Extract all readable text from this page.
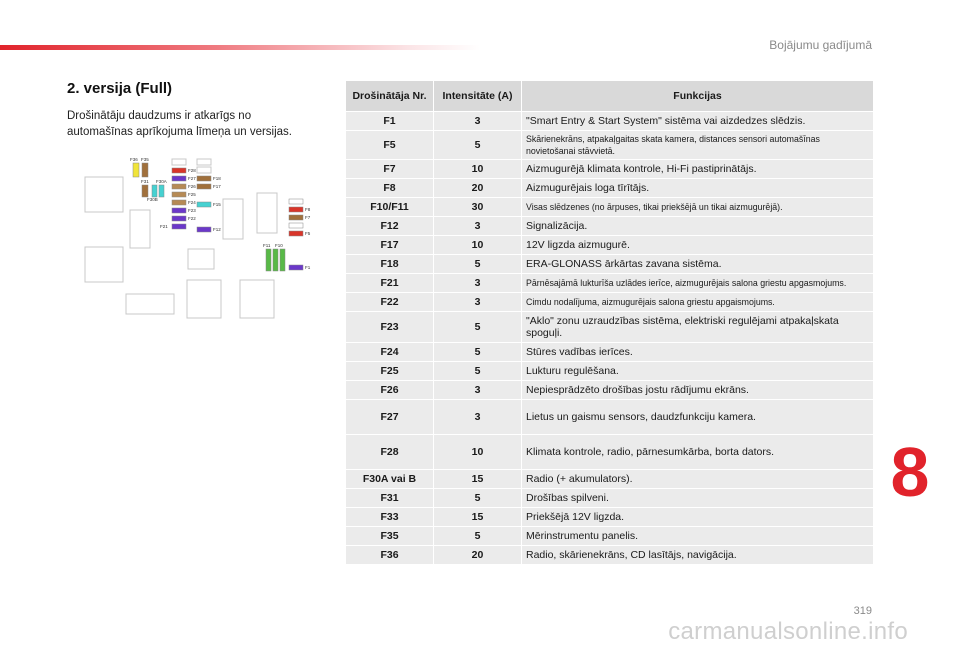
Bojājumu gadījumā
2. versija (Full)
Drošinātāju daudzums ir atkarīgs no automašīnas aprīkojuma līmeņa un versijas.
F36 F35
F31 F30A
F30B
F28
F27
F26
F25
F24
F23
F22
F21
F18
F17
F15
F12
F8
F7
F5
F1
F11 F10
Drošinātāja Nr.	Intensitāte (A)	Funkcijas
F1	3	"Smart Entry & Start System" sistēma vai aizdedzes slēdzis.
F5	5	Skārienekrāns, atpakaļgaitas skata kamera, distances sensori automašīnas novietošanai stāvvietā.
F7	10	Aizmugurējā klimata kontrole, Hi-Fi pastiprinātājs.
F8	20	Aizmugurējais loga tīrītājs.
F10/F11	30	Visas slēdzenes (no ārpuses, tikai priekšējā un tikai aizmugurējā).
F12	3	Signalizācija.
F17	10	12V ligzda aizmugurē.
F18	5	ERA-GLONASS ārkārtas zavana sistēma.
F21	3	Pārnēsajāmā lukturīša uzlādes ierīce, aizmugurējais salona griestu apgasmojums.
F22	3	Cimdu nodalījuma, aizmugurējais salona griestu apgaismojums.
F23	5	"Aklo" zonu uzraudzības sistēma, elektriski regulējami atpakaļskata spoguļi.
F24	5	Stūres vadības ierīces.
F25	5	Lukturu regulēšana.
F26	3	Nepiesprādzēto drošības jostu rādījumu ekrāns.
F27	3	Lietus un gaismu sensors, daudzfunkciju kamera.
F28	10	Klimata kontrole, radio, pārnesumkārba, borta dators.
F30A vai B	15	Radio (+ akumulators).
F31	5	Drošības spilveni.
F33	15	Priekšējā 12V ligzda.
F35	5	Mērinstrumentu panelis.
F36	20	Radio, skārienekrāns, CD lasītājs, navigācija.
8
319
carmanualsonline.info
